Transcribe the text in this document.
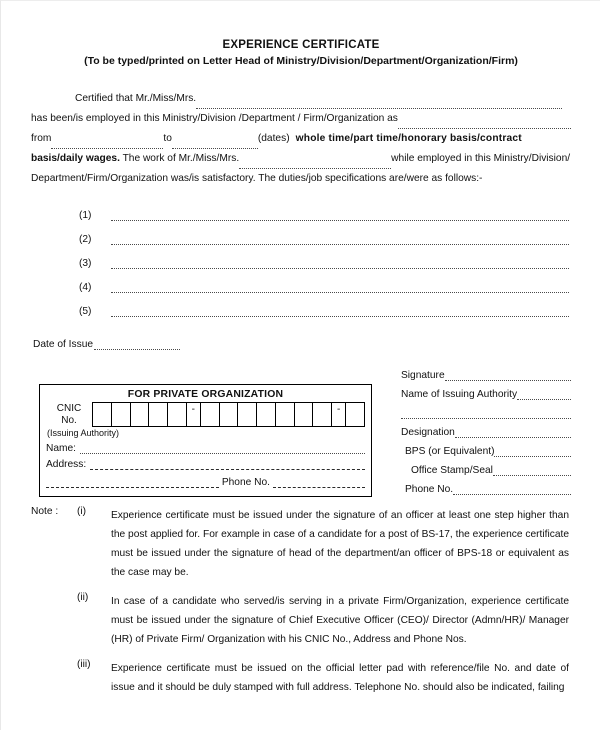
EXPERIENCE CERTIFICATE
(To be typed/printed on Letter Head of Ministry/Division/Department/Organization/Firm)
Certified that Mr./Miss/Mrs.
has been/is employed in this Ministry/Division /Department / Firm/Organization as
from	to	(dates) whole time/part time/honorary basis/contract
basis/daily wages. The work of Mr./Miss/Mrs.	while employed in this Ministry/Division/
Department/Firm/Organization was/is satisfactory. The duties/job specifications are/were as follows:-
(1)
(2)
(3)
(4)
(5)
Date of Issue
FOR PRIVATE ORGANIZATION
CNIC
No.
-
-
(Issuing Authority)
Name:
Address:
Phone No.
Signature
Name of Issuing Authority
Designation
BPS (or Equivalent)
Office Stamp/Seal
Phone No.
Note :	(i)	Experience certificate must be issued under the signature of an officer at least one step higher than the post applied for. For example in case of a candidate for a post of BS-17, the experience certificate must be issued under the signature of head of the department/an officer of BPS-18 or equivalent as the case may be.
(ii)	In case of a candidate who served/is serving in a private Firm/Organization, experience certificate must be issued under the signature of Chief Executive Officer (CEO)/ Director (Admn/HR)/ Manager (HR) of Private Firm/ Organization with his CNIC No., Address and Phone Nos.
(iii)	Experience certificate must be issued on the official letter pad with reference/file No. and date of issue and it should be duly stamped with full address. Telephone No. should also be indicated, failing
